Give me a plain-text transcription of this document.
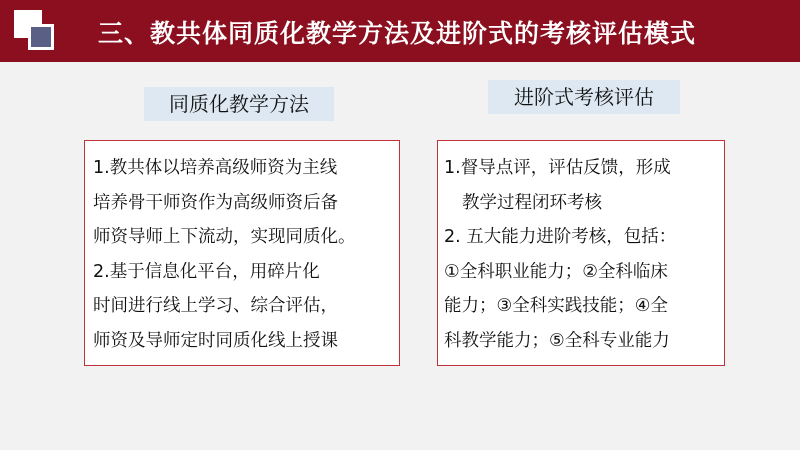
三、教共体同质化教学方法及进阶式的考核评估模式
同质化教学方法	进阶式考核评估
1.教共体以培养高级师资为主线
培养骨干师资作为高级师资后备
师资导师上下流动，实现同质化。
2.基于信息化平台，用碎片化
时间进行线上学习、综合评估，
师资及导师定时同质化线上授课
1.督导点评，评估反馈，形成
教学过程闭环考核
2. 五大能力进阶考核，包括：
①全科职业能力；②全科临床
能力；③全科实践技能；④全
科教学能力；⑤全科专业能力
